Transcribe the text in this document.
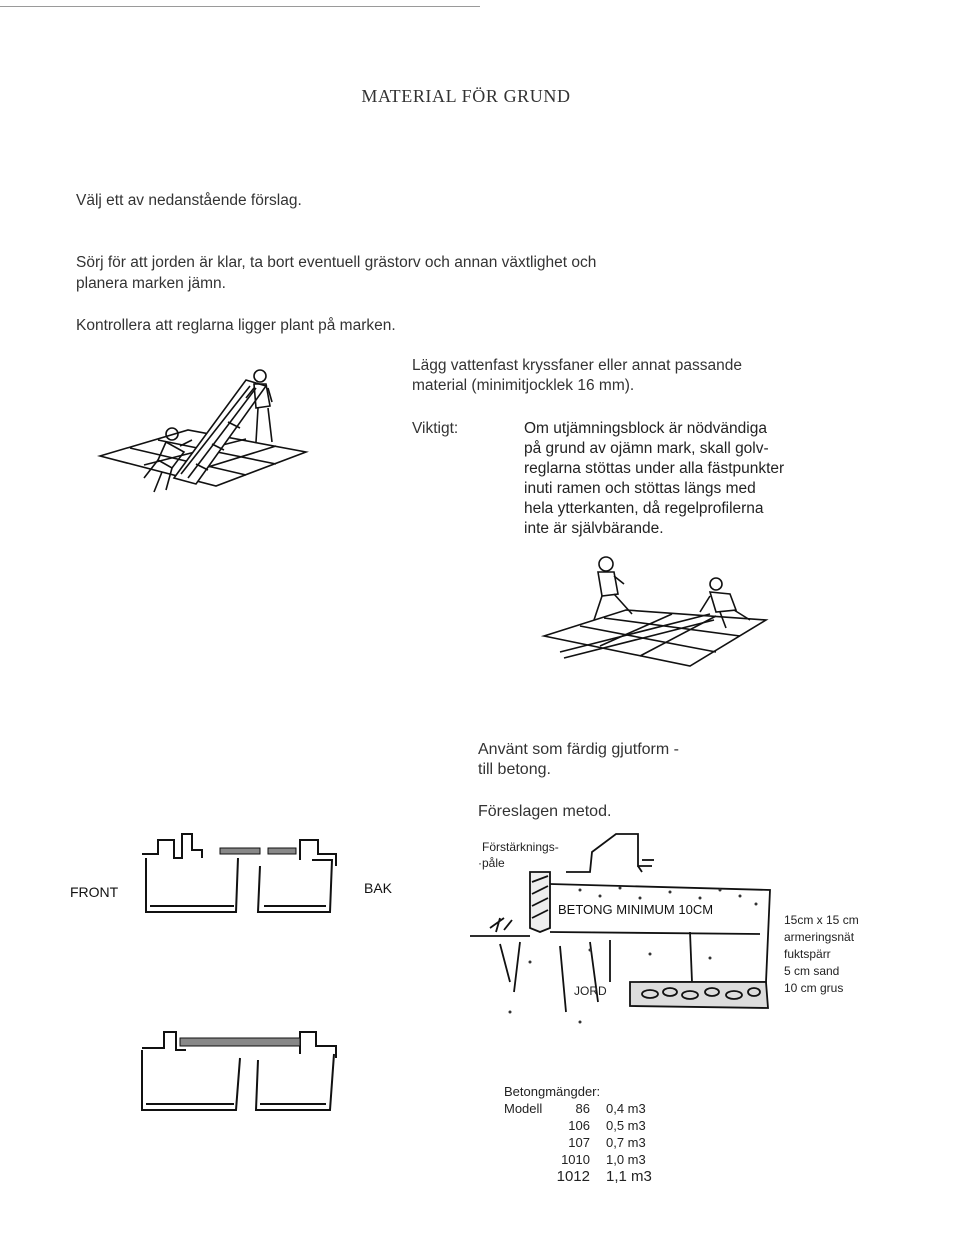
MATERIAL FÖR GRUND
Välj ett av nedanstående förslag.
Sörj för att jorden är klar, ta bort eventuell grästorv och annan växtlighet och
planera marken jämn.
Kontrollera att reglarna ligger plant på marken.
Lägg vattenfast kryssfaner eller annat passande
material (minimitjocklek 16 mm).
Viktigt:	Om utjämningsblock är nödvändiga
på grund av ojämn mark, skall golv-
reglarna stöttas under alla fästpunkter
inuti ramen och stöttas längs med
hela ytterkanten, då regelprofilerna
inte är självbärande.
Använt som färdig gjutform -
till betong.
Föreslagen metod.
FRONT	BAK
Förstärknings-
·påle
BETONG MINIMUM 10CM
JORD
15cm x 15 cm
armeringsnät
fuktspärr
5 cm sand
10 cm grus
Betongmängder:
Modell	86	0,4 m3
	106	0,5 m3
	107	0,7 m3
	1010	1,0 m3
	1012	1,1 m3
